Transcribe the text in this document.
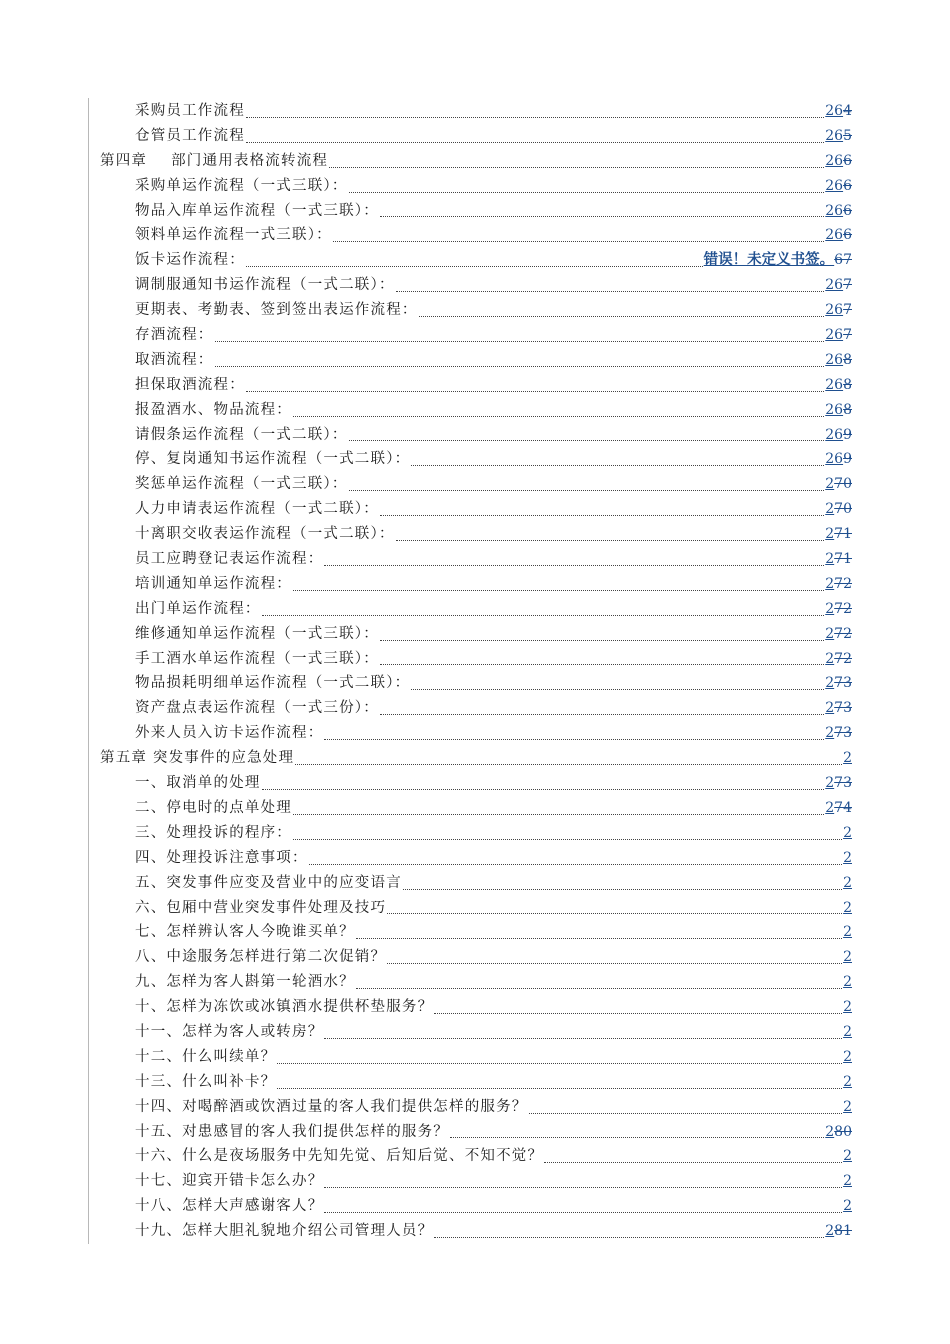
采购员工作流程	26 4
仓管员工作流程	26 5
第四章 部门通用表格流转流程	26 6
采购单运作流程（一式三联）：	26 6
物品入库单运作流程（一式三联）：	26 6
领料单运作流程一式三联）：	26 6
饭卡运作流程：	错误！未定义书签。 67
调制服通知书运作流程（一式二联）：	26 7
更期表、考勤表、签到签出表运作流程：	26 7
存酒流程：	26 7
取酒流程：	26 8
担保取酒流程：	26 8
报盈酒水、物品流程：	26 8
请假条运作流程（一式二联）：	26 9
停、复岗通知书运作流程（一式二联）：	26 9
奖惩单运作流程（一式三联）：	2 70
人力申请表运作流程（一式二联）：	2 70
十离职交收表运作流程（一式二联）：	2 71
员工应聘登记表运作流程：	2 71
培训通知单运作流程：	2 72
出门单运作流程：	2 72
维修通知单运作流程（一式三联）：	2 72
手工酒水单运作流程（一式三联）：	2 72
物品损耗明细单运作流程（一式二联）：	2 73
资产盘点表运作流程（一式三份）：	2 73
外来人员入访卡运作流程：	2 73
第五章 突发事件的应急处理	2
一、取消单的处理	2 73
二、停电时的点单处理	2 74
三、处理投诉的程序：	2
四、处理投诉注意事项：	2
五、突发事件应变及营业中的应变语言	2
六、包厢中营业突发事件处理及技巧	2
七、怎样辨认客人今晚谁买单？	2
八、中途服务怎样进行第二次促销？	2
九、怎样为客人斟第一轮酒水？	2
十、怎样为冻饮或冰镇酒水提供杯垫服务？	2
十一、怎样为客人或转房？	2
十二、什么叫续单？	2
十三、什么叫补卡？	2
十四、对喝醉酒或饮酒过量的客人我们提供怎样的服务？	2
十五、对患感冒的客人我们提供怎样的服务？	2 80
十六、什么是夜场服务中先知先觉、后知后觉、不知不觉？	2
十七、迎宾开错卡怎么办？	2
十八、怎样大声感谢客人？	2
十九、怎样大胆礼貌地介绍公司管理人员？	2 81
